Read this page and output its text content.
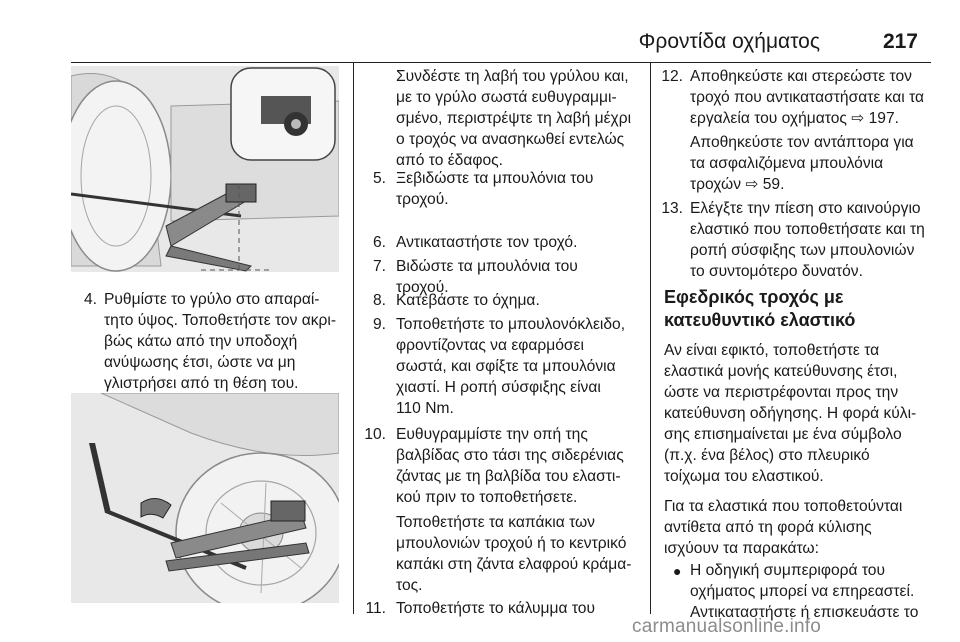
Φροντίδα οχήματος	217
4. Ρυθμίστε το γρύλο στο απαραί-
τητο ύψος. Τοποθετήστε τον ακρι-
βώς κάτω από την υποδοχή
ανύψωσης έτσι, ώστε να μη
γλιστρήσει από τη θέση του.
Συνδέστε τη λαβή του γρύλου και,
με το γρύλο σωστά ευθυγραμμι-
σμένο, περιστρέψτε τη λαβή μέχρι
ο τροχός να ανασηκωθεί εντελώς
από το έδαφος.
5. Ξεβιδώστε τα μπουλόνια του
τροχού.
6. Αντικαταστήστε τον τροχό.
7. Βιδώστε τα μπουλόνια του
τροχού.
8. Κατεβάστε το όχημα.
9. Τοποθετήστε το μπουλονόκλειδο,
φροντίζοντας να εφαρμόσει
σωστά, και σφίξτε τα μπουλόνια
χιαστί. Η ροπή σύσφιξης είναι
110 Nm.
10. Ευθυγραμμίστε την οπή της
βαλβίδας στο τάσι της σιδερένιας
ζάντας με τη βαλβίδα του ελαστι-
κού πριν το τοποθετήσετε.
Τοποθετήστε τα καπάκια των
μπουλονιών τροχού ή το κεντρικό
καπάκι στη ζάντα ελαφρού κράμα-
τος.
11. Τοποθετήστε το κάλυμμα του
12. Αποθηκεύστε και στερεώστε τον
τροχό που αντικαταστήσατε και τα
εργαλεία του οχήματος ⇨ 197.
Αποθηκεύστε τον αντάπτορα για
τα ασφαλιζόμενα μπουλόνια
τροχών ⇨ 59.
13. Ελέγξτε την πίεση στο καινούργιο
ελαστικό που τοποθετήσατε και τη
ροπή σύσφιξης των μπουλονιών
το συντομότερο δυνατόν.
Εφεδρικός τροχός με
κατευθυντικό ελαστικό
Αν είναι εφικτό, τοποθετήστε τα
ελαστικά μονής κατεύθυνσης έτσι,
ώστε να περιστρέφονται προς την
κατεύθυνση οδήγησης. Η φορά κύλι-
σης επισημαίνεται με ένα σύμβολο
(π.χ. ένα βέλος) στο πλευρικό
τοίχωμα του ελαστικού.
Για τα ελαστικά που τοποθετούνται
αντίθετα από τη φορά κύλισης
ισχύουν τα παρακάτω:
● Η οδηγική συμπεριφορά του
οχήματος μπορεί να επηρεαστεί.
Αντικαταστήστε ή επισκευάστε το
carmanualsonline.info
